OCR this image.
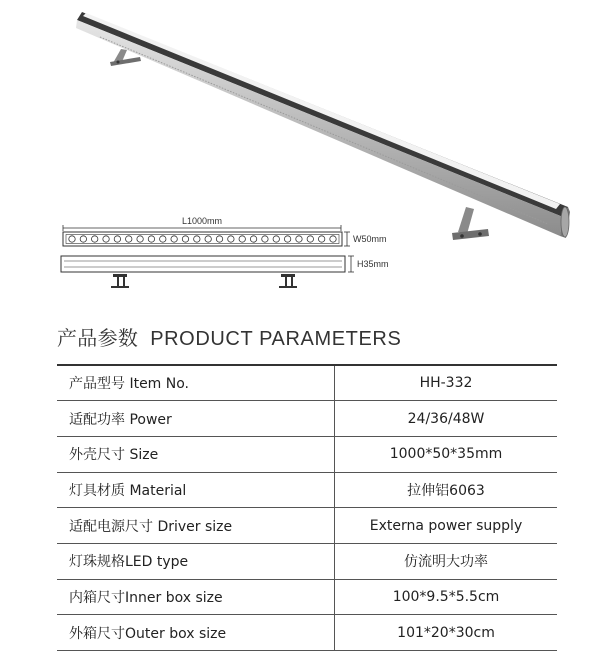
L1000mm
W50mm
H35mm
产品参数 PRODUCT PARAMETERS
产品型号 Item No.	HH-332
适配功率 Power	24/36/48W
外壳尺寸 Size	1000*50*35mm
灯具材质 Material	拉伸铝6063
适配电源尺寸 Driver size	Externa power supply
灯珠规格LED type	仿流明大功率
内箱尺寸Inner box size	100*9.5*5.5cm
外箱尺寸Outer box size	101*20*30cm
